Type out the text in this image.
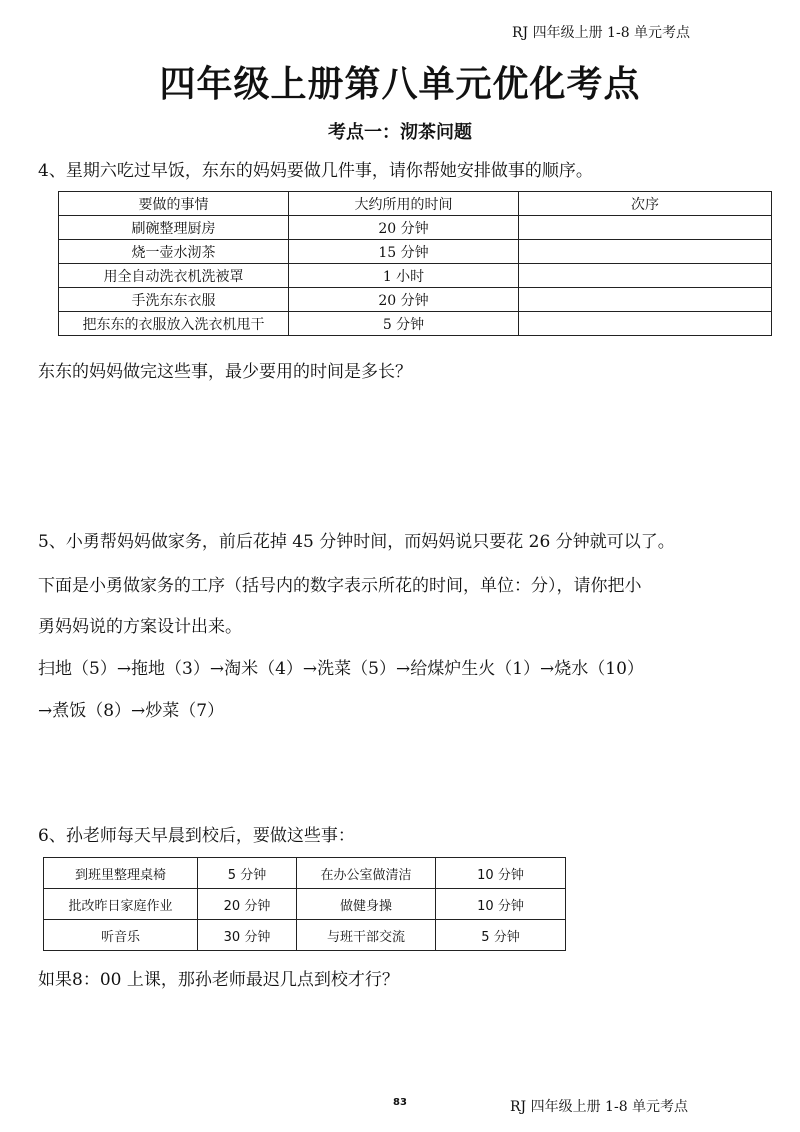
RJ 四年级上册 1-8 单元考点
四年级上册第八单元优化考点
考点一：沏茶问题
4、星期六吃过早饭，东东的妈妈要做几件事，请你帮她安排做事的顺序。
要做的事情	大约所用的时间	次序
刷碗整理厨房	20 分钟	
烧一壶水沏茶	15 分钟	
用全自动洗衣机洗被罩	1 小时	
手洗东东衣服	20 分钟	
把东东的衣服放入洗衣机甩干	5 分钟	
东东的妈妈做完这些事，最少要用的时间是多长？
5、小勇帮妈妈做家务，前后花掉 45 分钟时间，而妈妈说只要花 26 分钟就可以了。
下面是小勇做家务的工序（括号内的数字表示所花的时间，单位：分），请你把小
勇妈妈说的方案设计出来。
扫地（5）→拖地（3）→淘米（4）→洗菜（5）→给煤炉生火（1）→烧水（10）
→煮饭（8）→炒菜（7）
6、孙老师每天早晨到校后，要做这些事：
到班里整理桌椅	5 分钟	在办公室做清洁	10 分钟
批改昨日家庭作业	20 分钟	做健身操	10 分钟
听音乐	30 分钟	与班干部交流	5 分钟
如果8：00 上课，那孙老师最迟几点到校才行？
83	RJ 四年级上册 1-8 单元考点
